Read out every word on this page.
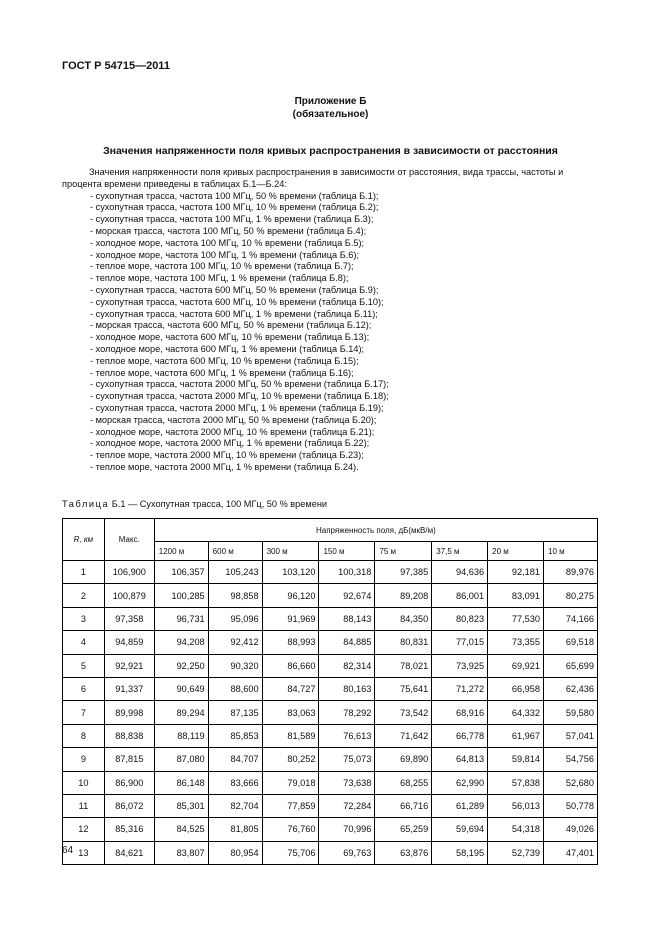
ГОСТ Р 54715—2011
Приложение Б
(обязательное)
Значения напряженности поля кривых распространения в зависимости от расстояния

Значения напряженности поля кривых распространения в зависимости от расстояния, вида трассы, частоты и процента времени приведены в таблицах Б.1—Б.24:

- сухопутная трасса, частота 100 МГц, 50 % времени (таблица Б.1);
- сухопутная трасса, частота 100 МГц, 10 % времени (таблица Б.2);
- сухопутная трасса, частота 100 МГц, 1 % времени (таблица Б.3);
- морская трасса, частота 100 МГц, 50 % времени (таблица Б.4);
- холодное море, частота 100 МГц, 10 % времени (таблица Б.5);
- холодное море, частота 100 МГц, 1 % времени (таблица Б.6);
- теплое море, частота 100 МГц, 10 % времени (таблица Б.7);
- теплое море, частота 100 МГц, 1 % времени (таблица Б.8);
- сухопутная трасса, частота 600 МГц, 50 % времени (таблица Б.9);
- сухопутная трасса, частота 600 МГц, 10 % времени (таблица Б.10);
- сухопутная трасса, частота 600 МГц, 1 % времени (таблица Б.11);
- морская трасса, частота 600 МГц, 50 % времени (таблица Б.12);
- холодное море, частота 600 МГц, 10 % времени (таблица Б.13);
- холодное море, частота 600 МГц, 1 % времени (таблица Б.14);
- теплое море, частота 600 МГц, 10 % времени (таблица Б.15);
- теплое море, частота 600 МГц, 1 % времени (таблица Б.16);
- сухопутная трасса, частота 2000 МГц, 50 % времени (таблица Б.17);
- сухопутная трасса, частота 2000 МГц, 10 % времени (таблица Б.18);
- сухопутная трасса, частота 2000 МГц, 1 % времени (таблица Б.19);
- морская трасса, частота 2000 МГц, 50 % времени (таблица Б.20);
- холодное море, частота 2000 МГц, 10 % времени (таблица Б.21);
- холодное море, частота 2000 МГц, 1 % времени (таблица Б.22);
- теплое море, частота 2000 МГц, 10 % времени (таблица Б.23);
- теплое море, частота 2000 МГц, 1 % времени (таблица Б.24).
Таблица Б.1 — Сухопутная трасса, 100 МГц, 50 % времени
R, км	Макс.	Напряженность поля, дБ(мкВ/м)							
		1200 м	600 м	300 м	150 м	75 м	37,5 м	20 м	10 м
1	106,900	106,357	105,243	103,120	100,318	97,385	94,636	92,181	89,976
2	100,879	100,285	98,858	96,120	92,674	89,208	86,001	83,091	80,275
3	97,358	96,731	95,096	91,969	88,143	84,350	80,823	77,530	74,166
4	94,859	94,208	92,412	88,993	84,885	80,831	77,015	73,355	69,518
5	92,921	92,250	90,320	86,660	82,314	78,021	73,925	69,921	65,699
6	91,337	90,649	88,600	84,727	80,163	75,641	71,272	66,958	62,436
7	89,998	89,294	87,135	83,063	78,292	73,542	68,916	64,332	59,580
8	88,838	88,119	85,853	81,589	76,613	71,642	66,778	61,967	57,041
9	87,815	87,080	84,707	80,252	75,073	69,890	64,813	59,814	54,756
10	86,900	86,148	83,666	79,018	73,638	68,255	62,990	57,838	52,680
11	86,072	85,301	82,704	77,859	72,284	66,716	61,289	56,013	50,778
12	85,316	84,525	81,805	76,760	70,996	65,259	59,694	54,318	49,026
13	84,621	83,807	80,954	75,706	69,763	63,876	58,195	52,739	47,401
64
